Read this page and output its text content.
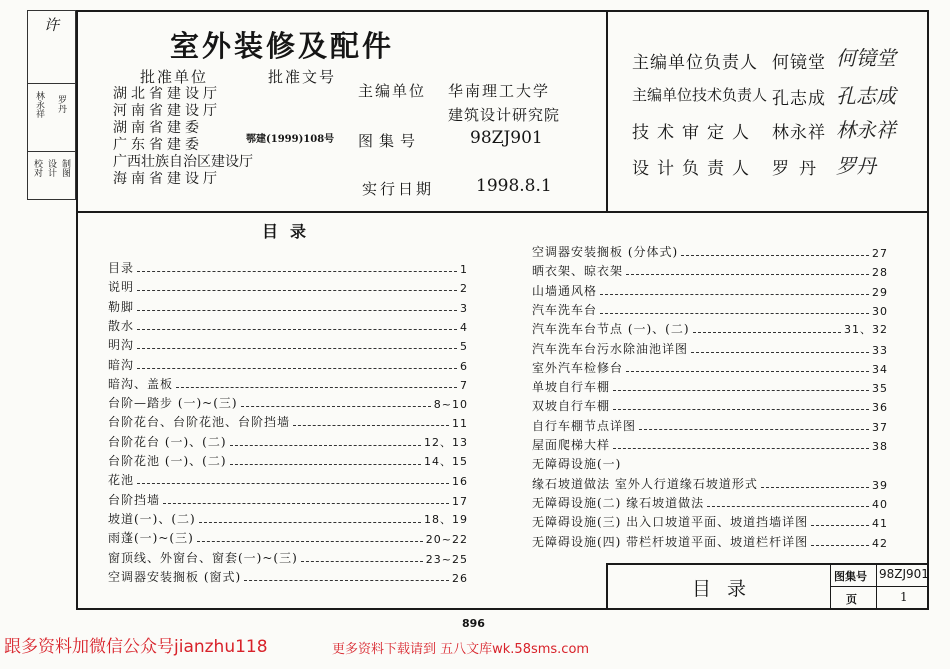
许
林永祥 罗丹
校对 设计 制图
室外装修及配件
批准单位	批准文号
湖北省建设厅
河南省建设厅
湖南省建委
广东省建委
广西壮族自治区建设厅
海南省建设厅
鄂建(1999)108号
主编单位 华南理工大学
建筑设计研究院
图集号	98ZJ901
实行日期 1998.8.1
主编单位负责人 何镜堂 何镜堂
主编单位技术负责人 孔志成 孔志成
技术审定人 林永祥 林永祥
设计负责人 罗丹 罗丹
目录
目录	1
说明	2
勒脚	3
散水	4
明沟	5
暗沟	6
暗沟、盖板	7
台阶—踏步 (一)~(三)	8~10
台阶花台、台阶花池、台阶挡墙	11
台阶花台 (一)、(二)	12、13
台阶花池 (一)、(二)	14、15
花池	16
台阶挡墙	17
坡道(一)、(二)	18、19
雨蓬(一)~(三)	20~22
窗顶线、外窗台、窗套(一)~(三)	23~25
空调器安装搁板 (窗式)	26
空调器安装搁板 (分体式)	27
晒衣架、晾衣架	28
山墙通风格	29
汽车洗车台	30
汽车洗车台节点 (一)、(二)	31、32
汽车洗车台污水除油池详图	33
室外汽车检修台	34
单坡自行车棚	35
双坡自行车棚	36
自行车棚节点详图	37
屋面爬梯大样	38
无障碍设施(一)
缘石坡道做法 室外人行道缘石坡道形式	39
无障碍设施(二) 缘石坡道做法	40
无障碍设施(三) 出入口坡道平面、坡道挡墙详图	41
无障碍设施(四) 带栏杆坡道平面、坡道栏杆详图	42
目录
图集号 98ZJ901
页	1
896
跟多资料加微信公众号jianzhu118	更多资料下载请到 五八文库wk.58sms.com
